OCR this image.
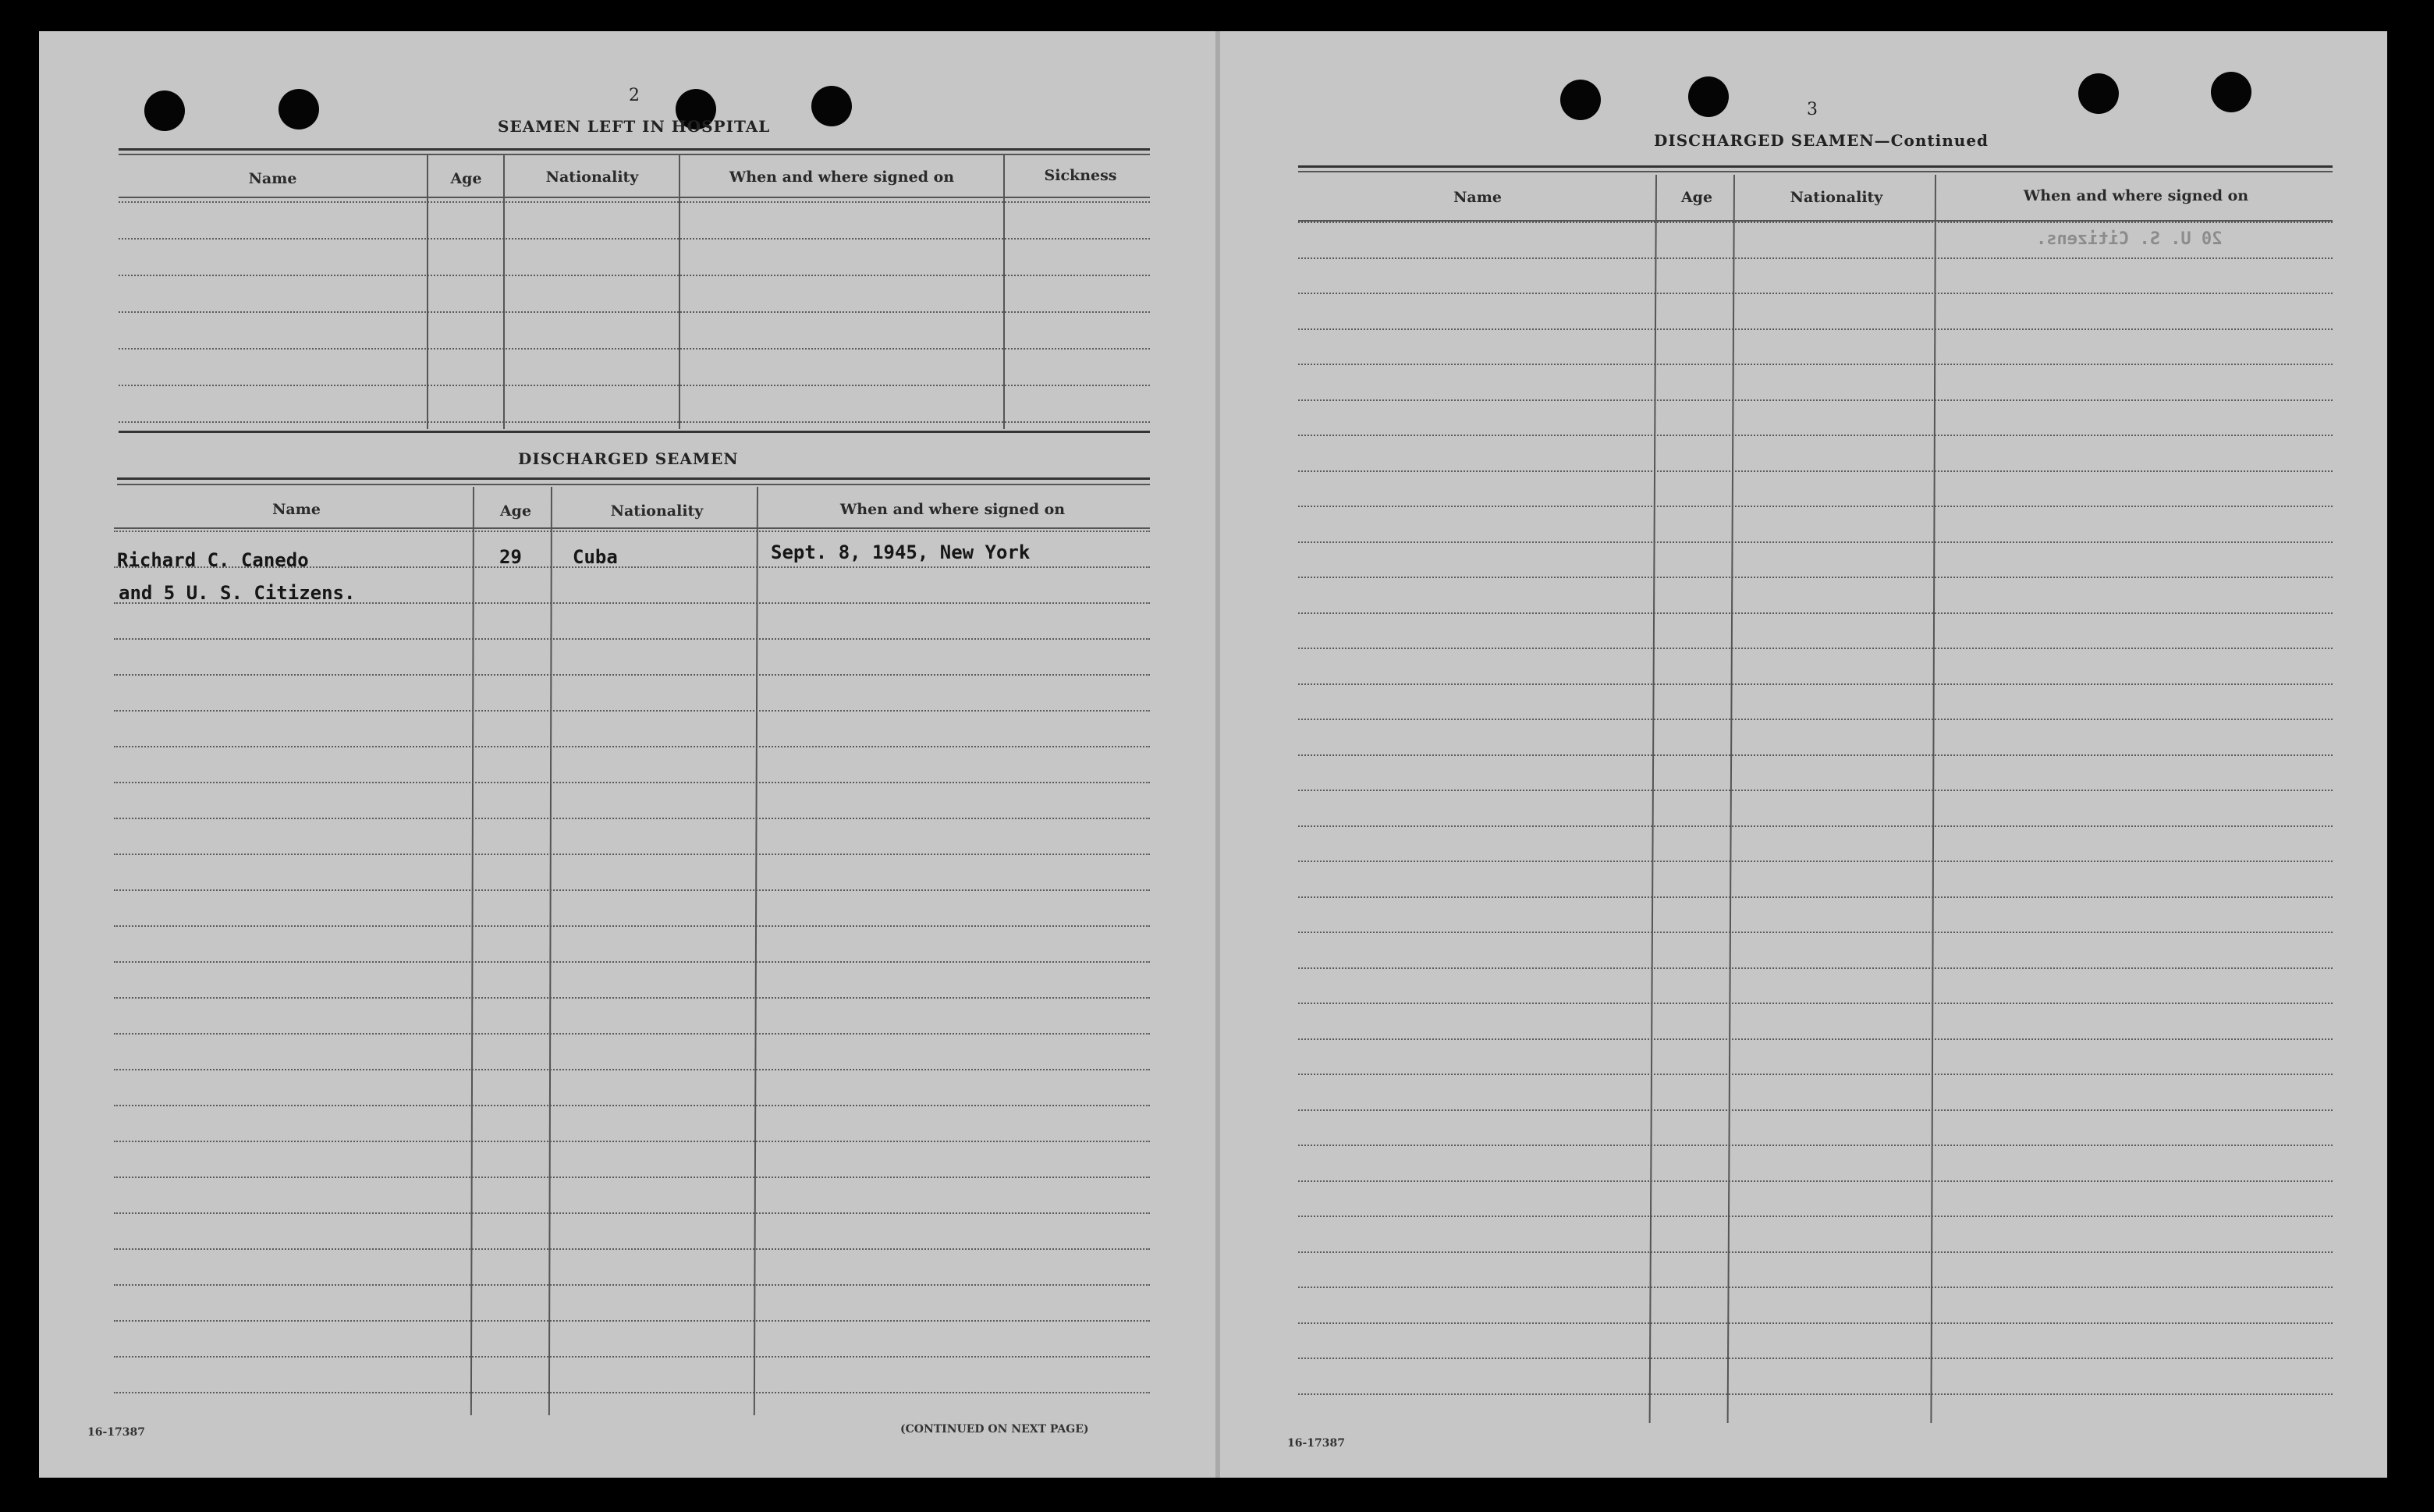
2
SEAMEN LEFT IN HOSPITAL
Name	Age	Nationality	When and where signed on	Sickness
DISCHARGED SEAMEN
Name	Age	Nationality	When and where signed on
Richard C. Canedo	29	Cuba	Sept. 8, 1945, New York
and 5 U. S. Citizens.
16-17387	(CONTINUED ON NEXT PAGE)
3
DISCHARGED SEAMEN—Continued
Name	Age	Nationality	When and where signed on
20 U. S. Citizens.
16-17387
